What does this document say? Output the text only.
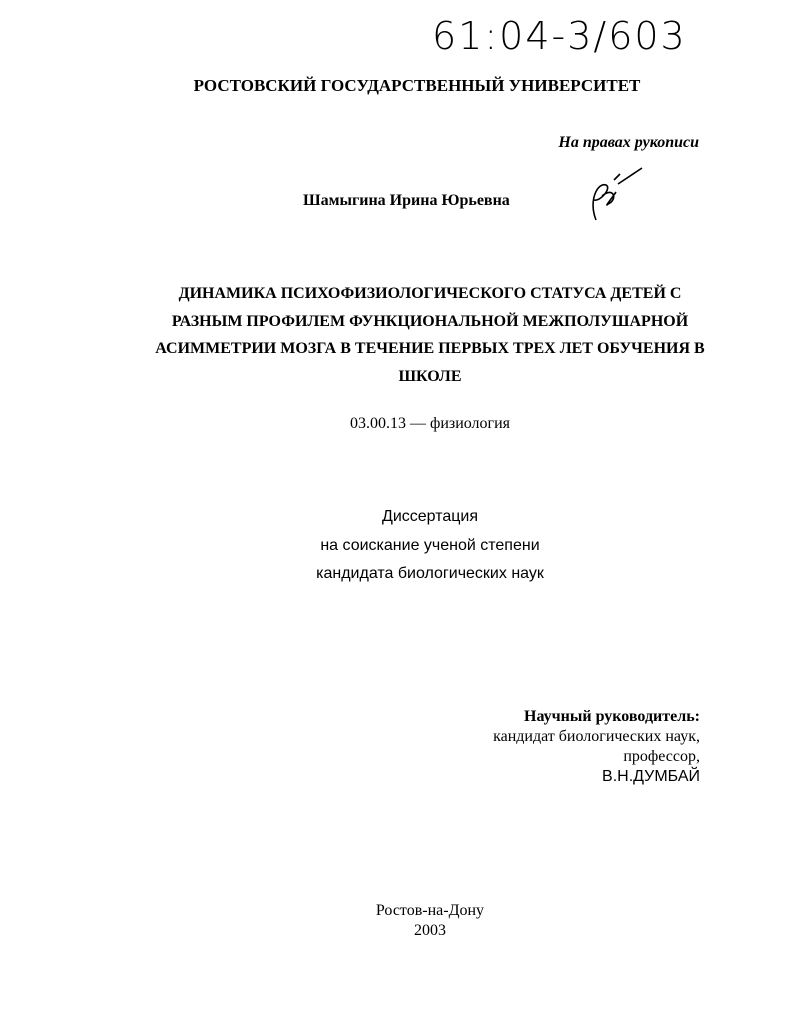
61:04-3/603
РОСТОВСКИЙ ГОСУДАРСТВЕННЫЙ УНИВЕРСИТЕТ
На правах рукописи
Шамыгина Ирина Юрьевна
ДИНАМИКА ПСИХОФИЗИОЛОГИЧЕСКОГО СТАТУСА ДЕТЕЙ С
РАЗНЫМ ПРОФИЛЕМ ФУНКЦИОНАЛЬНОЙ МЕЖПОЛУШАРНОЙ
АСИММЕТРИИ МОЗГА В ТЕЧЕНИЕ ПЕРВЫХ ТРЕХ ЛЕТ ОБУЧЕНИЯ В
ШКОЛЕ
03.00.13 — физиология
Диссертация
на соискание ученой степени
кандидата биологических наук
Научный руководитель:
кандидат биологических наук,
профессор,
В.Н.ДУМБАЙ
Ростов-на-Дону
2003
